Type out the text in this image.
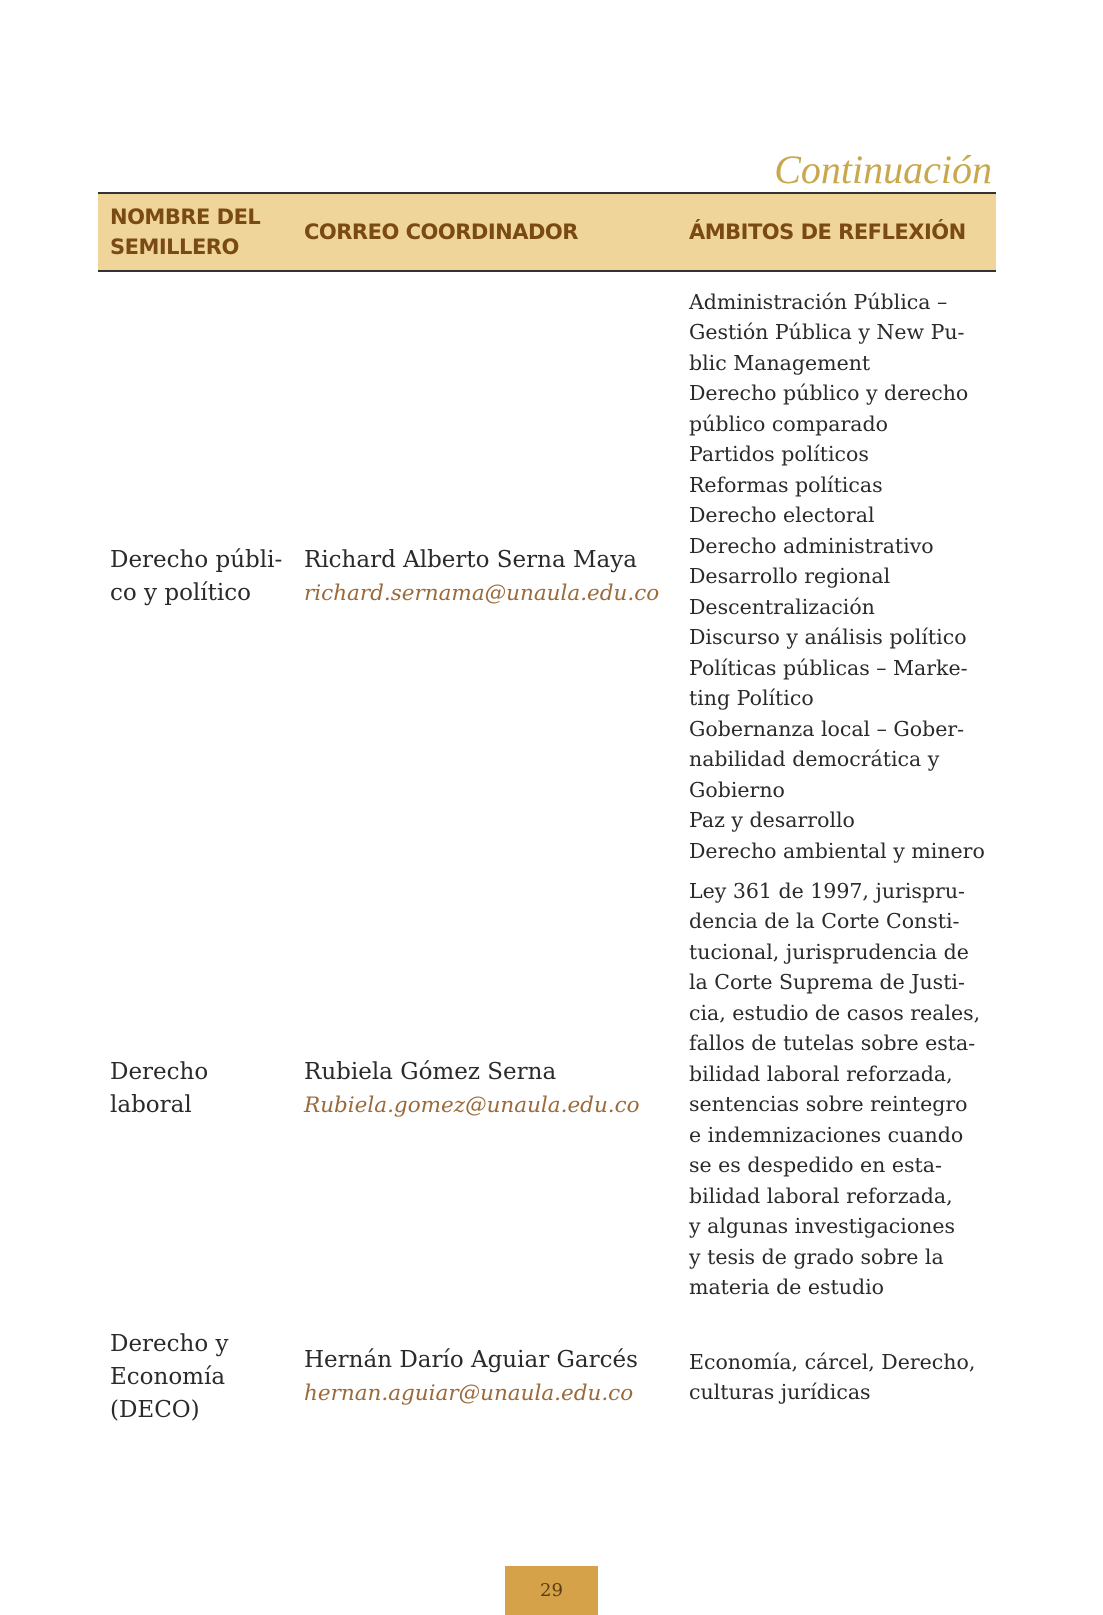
Continuación
NOMBRE DEL
SEMILLERO
CORREO COORDINADOR	ÁMBITOS DE REFLEXIÓN
Derecho públi-
co y político
Richard Alberto Serna Maya
richard.sernama@unaula.edu.co
Administración Pública –
Gestión Pública y New Pu-
blic Management
Derecho público y derecho
público comparado
Partidos políticos
Reformas políticas
Derecho electoral
Derecho administrativo
Desarrollo regional
Descentralización
Discurso y análisis político
Políticas públicas – Marke-
ting Político
Gobernanza local – Gober-
nabilidad democrática y
Gobierno
Paz y desarrollo
Derecho ambiental y minero
Derecho
laboral
Rubiela Gómez Serna
Rubiela.gomez@unaula.edu.co
Ley 361 de 1997, jurispru-
dencia de la Corte Consti-
tucional, jurisprudencia de
la Corte Suprema de Justi-
cia, estudio de casos reales,
fallos de tutelas sobre esta-
bilidad laboral reforzada,
sentencias sobre reintegro
e indemnizaciones cuando
se es despedido en esta-
bilidad laboral reforzada,
y algunas investigaciones
y tesis de grado sobre la
materia de estudio
Derecho y
Economía
(DECO)
Hernán Darío Aguiar Garcés
hernan.aguiar@unaula.edu.co
Economía, cárcel, Derecho,
culturas jurídicas
29
